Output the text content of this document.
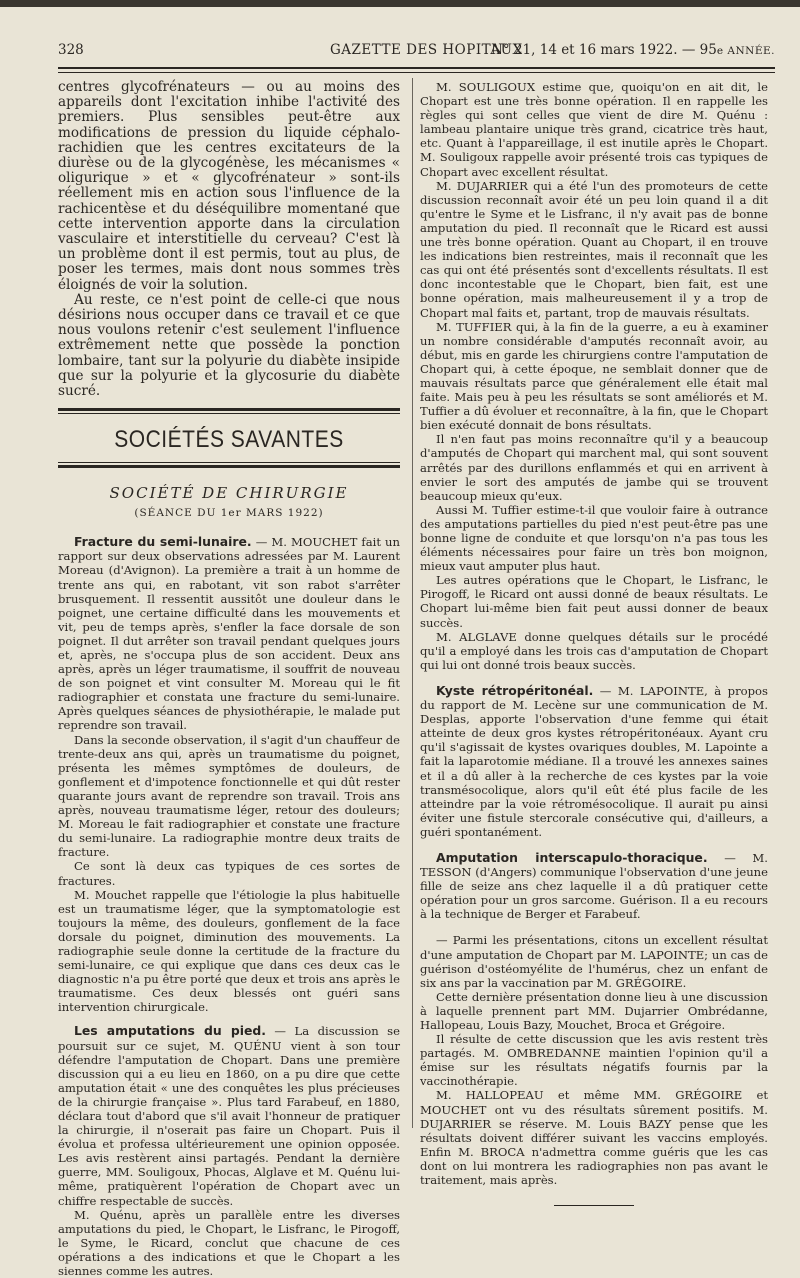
328	GAZETTE DES HOPITAUX
N° 21, 14 et 16 mars 1922. — 95e ANNÉE.

centres glycofrénateurs — ou au moins des appareils dont l'excitation inhibe l'activité des premiers. Plus sensibles peut-être aux modifications de pression du liquide céphalo-rachidien que les centres excitateurs de la diurèse ou de la glycogénèse, les mécanismes « oligurique » et « glycofrénateur » sont-ils réellement mis en action sous l'influence de la rachicentèse et du déséquilibre momentané que cette intervention apporte dans la circulation vasculaire et interstitielle du cerveau? C'est là un problème dont il est permis, tout au plus, de poser les termes, mais dont nous sommes très éloignés de voir la solution.

Au reste, ce n'est point de celle-ci que nous désirions nous occuper dans ce travail et ce que nous voulons retenir c'est seulement l'influence extrêmement nette que possède la ponction lombaire, tant sur la polyurie du diabète insipide que sur la polyurie et la glycosurie du diabète sucré.

SOCIÉTÉS SAVANTES
SOCIÉTÉ DE CHIRURGIE
(SÉANCE DU 1er MARS 1922)

Fracture du semi-lunaire. — M. MOUCHET fait un rapport sur deux observations adressées par M. Laurent Moreau (d'Avignon). La première a trait à un homme de trente ans qui, en rabotant, vit son rabot s'arrêter brusquement. Il ressentit aussitôt une douleur dans le poignet, une certaine difficulté dans les mouvements et vit, peu de temps après, s'enfler la face dorsale de son poignet. Il dut arrêter son travail pendant quelques jours et, après, ne s'occupa plus de son accident. Deux ans après, après un léger traumatisme, il souffrit de nouveau de son poignet et vint consulter M. Moreau qui le fit radiographier et constata une fracture du semi-lunaire. Après quelques séances de physiothérapie, le malade put reprendre son travail.

Dans la seconde observation, il s'agit d'un chauffeur de trente-deux ans qui, après un traumatisme du poignet, présenta les mêmes symptômes de douleurs, de gonflement et d'impotence fonctionnelle et qui dût rester quarante jours avant de reprendre son travail. Trois ans après, nouveau traumatisme léger, retour des douleurs; M. Moreau le fait radiographier et constate une fracture du semi-lunaire. La radiographie montre deux traits de fracture.

Ce sont là deux cas typiques de ces sortes de fractures.

M. Mouchet rappelle que l'étiologie la plus habituelle est un traumatisme léger, que la symptomatologie est toujours la même, des douleurs, gonflement de la face dorsale du poignet, diminution des mouvements. La radiographie seule donne la certitude de la fracture du semi-lunaire, ce qui explique que dans ces deux cas le diagnostic n'a pu être porté que deux et trois ans après le traumatisme. Ces deux blessés ont guéri sans intervention chirurgicale.

Les amputations du pied. — La discussion se poursuit sur ce sujet, M. QUÉNU vient à son tour défendre l'amputation de Chopart. Dans une première discussion qui a eu lieu en 1860, on a pu dire que cette amputation était « une des conquêtes les plus précieuses de la chirurgie française ». Plus tard Farabeuf, en 1880, déclara tout d'abord que s'il avait l'honneur de pratiquer la chirurgie, il n'oserait pas faire un Chopart. Puis il évolua et professa ultérieurement une opinion opposée. Les avis restèrent ainsi partagés. Pendant la dernière guerre, MM. Souligoux, Phocas, Alglave et M. Quénu lui-même, pratiquèrent l'opération de Chopart avec un chiffre respectable de succès.

M. Quénu, après un parallèle entre les diverses amputations du pied, le Chopart, le Lisfranc, le Pirogoff, le Syme, le Ricard, conclut que chacune de ces opérations a des indications et que le Chopart a les siennes comme les autres.

M. SOULIGOUX estime que, quoiqu'on en ait dit, le Chopart est une très bonne opération. Il en rappelle les règles qui sont celles que vient de dire M. Quénu : lambeau plantaire unique très grand, cicatrice très haut, etc. Quant à l'appareillage, il est inutile après le Chopart. M. Souligoux rappelle avoir présenté trois cas typiques de Chopart avec excellent résultat.

M. DUJARRIER qui a été l'un des promoteurs de cette discussion reconnaît avoir été un peu loin quand il a dit qu'entre le Syme et le Lisfranc, il n'y avait pas de bonne amputation du pied. Il reconnaît que le Ricard est aussi une très bonne opération. Quant au Chopart, il en trouve les indications bien restreintes, mais il reconnaît que les cas qui ont été présentés sont d'excellents résultats. Il est donc incontestable que le Chopart, bien fait, est une bonne opération, mais malheureusement il y a trop de Chopart mal faits et, partant, trop de mauvais résultats.

M. TUFFIER qui, à la fin de la guerre, a eu à examiner un nombre considérable d'amputés reconnaît avoir, au début, mis en garde les chirurgiens contre l'amputation de Chopart qui, à cette époque, ne semblait donner que de mauvais résultats parce que généralement elle était mal faite. Mais peu à peu les résultats se sont améliorés et M. Tuffier a dû évoluer et reconnaître, à la fin, que le Chopart bien exécuté donnait de bons résultats.

Il n'en faut pas moins reconnaître qu'il y a beaucoup d'amputés de Chopart qui marchent mal, qui sont souvent arrêtés par des durillons enflammés et qui en arrivent à envier le sort des amputés de jambe qui se trouvent beaucoup mieux qu'eux.

Aussi M. Tuffier estime-t-il que vouloir faire à outrance des amputations partielles du pied n'est peut-être pas une bonne ligne de conduite et que lorsqu'on n'a pas tous les éléments nécessaires pour faire un très bon moignon, mieux vaut amputer plus haut.

Les autres opérations que le Chopart, le Lisfranc, le Pirogoff, le Ricard ont aussi donné de beaux résultats. Le Chopart lui-même bien fait peut aussi donner de beaux succès.

M. ALGLAVE donne quelques détails sur le procédé qu'il a employé dans les trois cas d'amputation de Chopart qui lui ont donné trois beaux succès.

Kyste rétropéritonéal. — M. LAPOINTE, à propos du rapport de M. Lecène sur une communication de M. Desplas, apporte l'observation d'une femme qui était atteinte de deux gros kystes rétropéritonéaux. Ayant cru qu'il s'agissait de kystes ovariques doubles, M. Lapointe a fait la laparotomie médiane. Il a trouvé les annexes saines et il a dû aller à la recherche de ces kystes par la voie transmésocolique, alors qu'il eût été plus facile de les atteindre par la voie rétromésocolique. Il aurait pu ainsi éviter une fistule stercorale consécutive qui, d'ailleurs, a guéri spontanément.

Amputation interscapulo-thoracique. — M. TESSON (d'Angers) communique l'observation d'une jeune fille de seize ans chez laquelle il a dû pratiquer cette opération pour un gros sarcome. Guérison. Il a eu recours à la technique de Berger et Farabeuf.

— Parmi les présentations, citons un excellent résultat d'une amputation de Chopart par M. LAPOINTE; un cas de guérison d'ostéomyélite de l'humérus, chez un enfant de six ans par la vaccination par M. GRÉGOIRE.

Cette dernière présentation donne lieu à une discussion à laquelle prennent part MM. Dujarrier Ombrédanne, Hallopeau, Louis Bazy, Mouchet, Broca et Grégoire.

Il résulte de cette discussion que les avis restent très partagés. M. OMBREDANNE maintien l'opinion qu'il a émise sur les résultats négatifs fournis par la vaccinothérapie.

M. HALLOPEAU et même MM. GRÉGOIRE et MOUCHET ont vu des résultats sûrement positifs. M. DUJARRIER se réserve. M. Louis BAZY pense que les résultats doivent différer suivant les vaccins employés. Enfin M. BROCA n'admettra comme guéris que les cas dont on lui montrera les radiographies non pas avant le traitement, mais après.
